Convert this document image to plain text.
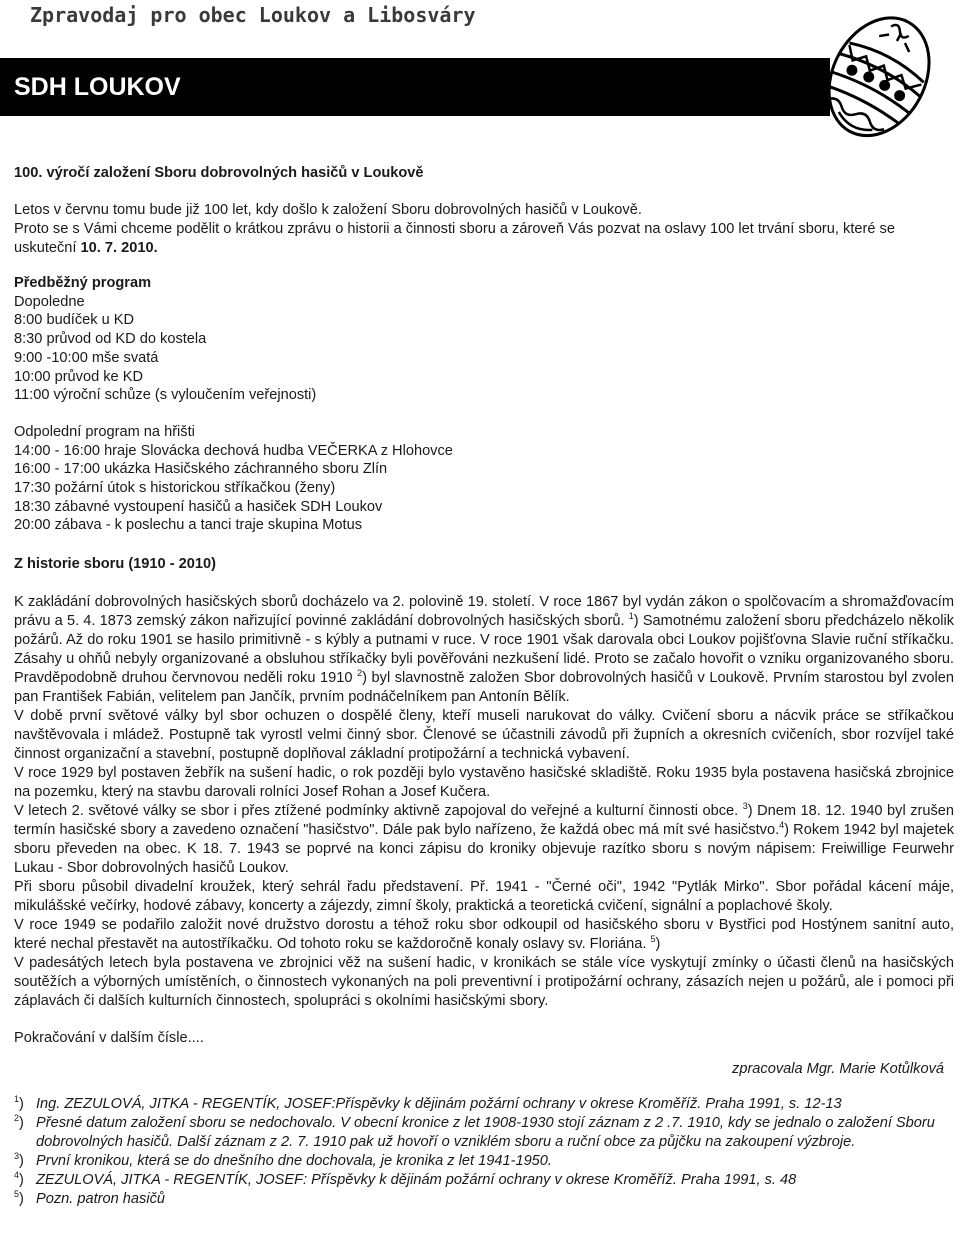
Zpravodaj pro obec Loukov a Libosváry
SDH LOUKOV

100. výročí založení Sboru dobrovolných hasičů v Loukově

Letos v červnu tomu bude již 100 let, kdy došlo k založení Sboru dobrovolných hasičů v Loukově.

Proto se s Vámi chceme podělit o krátkou zprávu o historii a činnosti sboru a zároveň Vás pozvat na oslavy 100 let trvání sboru, které se uskuteční 10. 7. 2010.

Předběžný program

Dopoledne

8:00 budíček u KD

8:30 průvod od KD do kostela

9:00 -10:00 mše svatá

10:00 průvod ke KD

11:00 výroční schůze (s vyloučením veřejnosti)

Odpolední program na hřišti

14:00 - 16:00 hraje Slovácka dechová hudba VEČERKA z Hlohovce

16:00 - 17:00 ukázka Hasičského záchranného sboru Zlín

17:30 požární útok s historickou stříkačkou (ženy)

18:30 zábavné vystoupení hasičů a hasiček SDH Loukov

20:00 zábava - k poslechu a tanci traje skupina Motus

Z historie sboru (1910 - 2010)

K zakládání dobrovolných hasičských sborů docházelo va 2. polovině 19. století. V roce 1867 byl vydán zákon o spolčovacím a shromažďovacím právu a 5. 4. 1873 zemský zákon nařizující povinné zakládání dobrovolných hasičských sborů. $^1$) Samotnému založení sboru předcházelo několik požárů. Až do roku 1901 se hasilo primitivně - s kýbly a putnami v ruce. V roce 1901 však darovala obci Loukov pojišťovna Slavie ruční stříkačku. Zásahy u ohňů nebyly organizované a obsluhou stříkačky byli pověřováni nezkušení lidé. Proto se začalo hovořit o vzniku organizovaného sboru. Pravděpodobně druhou červnovou neděli roku 1910 $^2$) byl slavnostně založen Sbor dobrovolných hasičů v Loukově. Prvním starostou byl zvolen pan František Fabián, velitelem pan Jančík, prvním podnáčelníkem pan Antonín Bělík.

V době první světové války byl sbor ochuzen o dospělé členy, kteří museli narukovat do války. Cvičení sboru a nácvik práce se stříkačkou navštěvovala i mládež. Postupně tak vyrostl velmi činný sbor. Členové se účastnili závodů při župních a okresních cvičeních, sbor rozvíjel také činnost organizační a stavební, postupně doplňoval základní protipožární a technická vybavení.

V roce 1929 byl postaven žebřík na sušení hadic, o rok později bylo vystavěno hasičské skladiště. Roku 1935 byla postavena hasičská zbrojnice na pozemku, který na stavbu darovali rolníci Josef Rohan a Josef Kučera.

V letech 2. světové války se sbor i přes ztížené podmínky aktivně zapojoval do veřejné a kulturní činnosti obce. $^3$) Dnem 18. 12. 1940 byl zrušen termín hasičské sbory a zavedeno označení "hasičstvo". Dále pak bylo nařízeno, že každá obec má mít své hasičstvo.$^4$) Rokem 1942 byl majetek sboru převeden na obec. K 18. 7. 1943 se poprvé na konci zápisu do kroniky objevuje razítko sboru s novým nápisem: Freiwillige Feurwehr Lukau - Sbor dobrovolných hasičů Loukov.

Při sboru působil divadelní kroužek, který sehrál řadu představení. Př. 1941 - "Černé oči", 1942 "Pytlák Mirko". Sbor pořádal kácení máje, mikulášské večírky, hodové zábavy, koncerty a zájezdy, zimní školy, praktická a teoretická cvičení, signální a poplachové školy.

V roce 1949 se podařilo založit nové družstvo dorostu a téhož roku sbor odkoupil od hasičského sboru v Bystřici pod Hostýnem sanitní auto, které nechal přestavět na autostříkačku. Od tohoto roku se každoročně konaly oslavy sv. Floriána. $^5$)

V padesátých letech byla postavena ve zbrojnici věž na sušení hadic, v kronikách se stále více vyskytují zmínky o účasti členů na hasičských soutěžích a výborných umístěních, o činnostech vykonaných na poli preventivní i protipožární ochrany, zásazích nejen u požárů, ale i pomoci při záplavách či dalších kulturních činnostech, spolupráci s okolními hasičskými sbory.

Pokračování v dalším čísle....

zpracovala Mgr. Marie Kotůlková

$^1$) Ing. ZEZULOVÁ, JITKA - REGENTÍK, JOSEF:Příspěvky k dějinám požární ochrany v okrese Kroměříž. Praha 1991, s. 12-13

$^2$) Přesné datum založení sboru se nedochovalo. V obecní kronice z let 1908-1930 stojí záznam z 2 .7. 1910, kdy se jednalo o založení Sboru dobrovolných hasičů. Další záznam z 2. 7. 1910 pak už hovoří o vzniklém sboru a ruční obce za půjčku na zakoupení výzbroje.

$^3$) První kronikou, která se do dnešního dne dochovala, je kronika z let 1941-1950.

$^4$) ZEZULOVÁ, JITKA - REGENTÍK, JOSEF: Příspěvky k dějinám požární ochrany v okrese Kroměříž. Praha 1991, s. 48

$^5$) Pozn. patron hasičů
